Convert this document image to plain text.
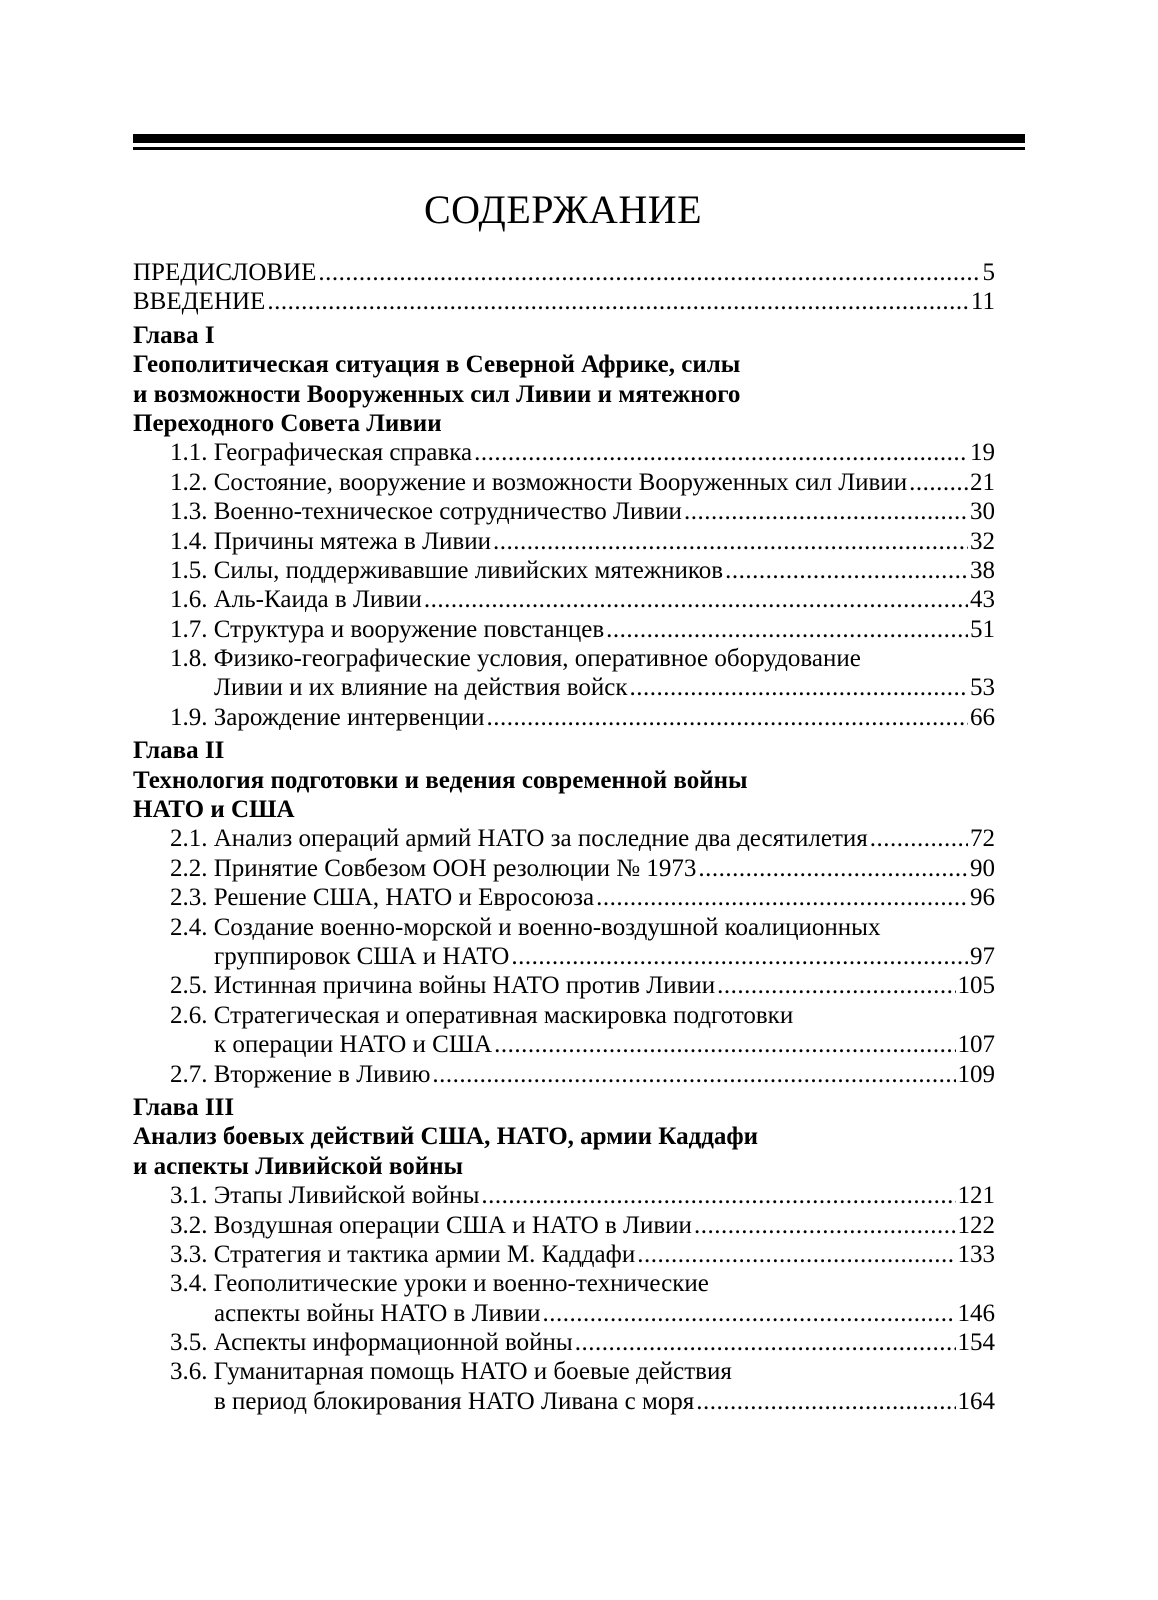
СОДЕРЖАНИЕ
ПРЕДИСЛОВИЕ .....	5
ВВЕДЕНИЕ .....	11
Глава I
Геополитическая ситуация в Северной Африке, силы
и возможности Вооруженных сил Ливии и мятежного
Переходного Совета Ливии
1.1. Географическая справка .....	19
1.2. Состояние, вооружение и возможности Вооруженных сил Ливии .....	21
1.3. Военно-техническое сотрудничество Ливии .....	30
1.4. Причины мятежа в Ливии .....	32
1.5. Силы, поддерживавшие ливийских мятежников .....	38
1.6. Аль-Каида в Ливии .....	43
1.7. Структура и вооружение повстанцев .....	51
1.8. Физико-географические условия, оперативное оборудование
Ливии и их влияние на действия войск .....	53
1.9. Зарождение интервенции .....	66
Глава II
Технология подготовки и ведения современной войны
НАТО и США
2.1. Анализ операций армий НАТО за последние два десятилетия .....	72
2.2. Принятие Совбезом ООН резолюции № 1973 .....	90
2.3. Решение США, НАТО и Евросоюза .....	96
2.4. Создание военно-морской и военно-воздушной коалиционных
группировок США и НАТО .....	97
2.5. Истинная причина войны НАТО против Ливии .....	105
2.6. Стратегическая и оперативная маскировка подготовки
к операции НАТО и США .....	107
2.7. Вторжение в Ливию .....	109
Глава III
Анализ боевых действий США, НАТО, армии Каддафи
и аспекты Ливийской войны
3.1. Этапы Ливийской войны .....	121
3.2. Воздушная операции США и НАТО в Ливии .....	122
3.3. Стратегия и тактика армии М. Каддафи .....	133
3.4. Геополитические уроки и военно-технические
аспекты войны НАТО в Ливии .....	146
3.5. Аспекты информационной войны .....	154
3.6. Гуманитарная помощь НАТО и боевые действия
в период блокирования НАТО Ливана с моря .....	164
